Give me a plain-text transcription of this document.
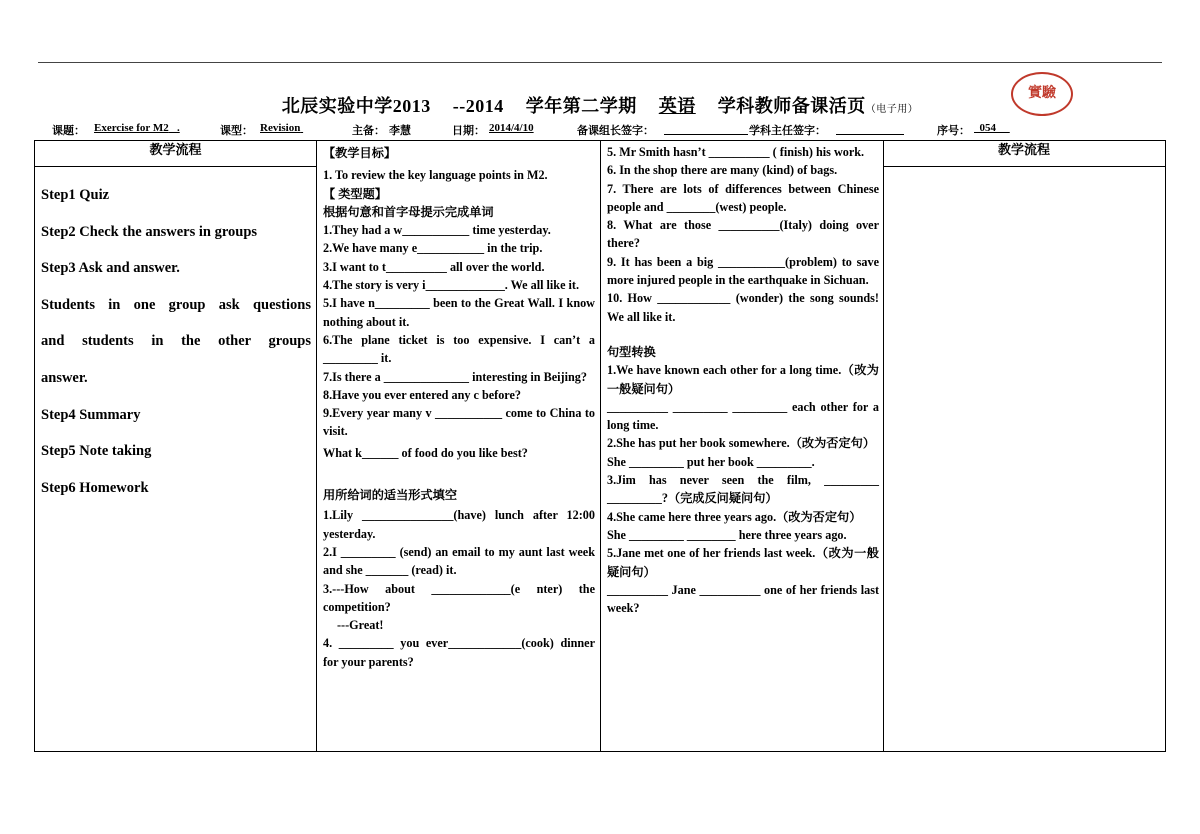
北辰实验中学2013 --2014 学年第二学期 英语 学科教师备课活页（电子用）
實驗
课题： Exercise for M2 .	课型： Revision	主备： 李慧	日期： 2014/4/10	备课组长签字：	学科主任签字：	序号： 054
教学流程	教学流程

Step1 Quiz

Step2 Check the answers in groups

Step3 Ask and answer.

Students in one group ask questions

and students in the other groups

answer.

Step4 Summary

Step5 Note taking

Step6 Homework

【教学目标】

1. To review the key language points in M2.

【 类型题】

根据句意和首字母提示完成单词

1.They had a w___________ time yesterday.

2.We have many e___________ in the trip.

3.I want to t__________ all over the world.

4.The story is very i_____________. We all like it.

5.I have n_________ been to the Great Wall. I know nothing about it.

6.The plane ticket is too expensive. I can’t a _________ it.

7.Is there a ______________ interesting in Beijing?

8.Have you ever entered any c before?

9.Every year many v ___________ come to China to visit.

What k______ of food do you like best?

用所给词的适当形式填空

1.Lily _______________(have) lunch after 12:00 yesterday.

2.I _________ (send) an email to my aunt last week and she _______ (read) it.

3.---How about _____________(e nter) the competition?

---Great!

4. _________ you ever____________(cook) dinner for your parents?

5. Mr Smith hasn’t __________ ( finish) his work.

6. In the shop there are many (kind) of bags.

7. There are lots of differences between Chinese people and ________(west) people.

8. What are those __________(Italy) doing over there?

9. It has been a big ___________(problem) to save more injured people in the earthquake in Sichuan.

10. How ____________ (wonder) the song sounds! We all like it.

句型转换

1.We have known each other for a long time.（改为一般疑问句）

__________ _________ _________ each other for a long time.

2.She has put her book somewhere.（改为否定句）

She _________ put her book _________.

3.Jim has never seen the film, _________ _________?（完成反问疑问句）

4.She came here three years ago.（改为否定句）

She _________ ________ here three years ago.

5.Jane met one of her friends last week.（改为一般疑问句）

__________ Jane __________ one of her friends last week?
